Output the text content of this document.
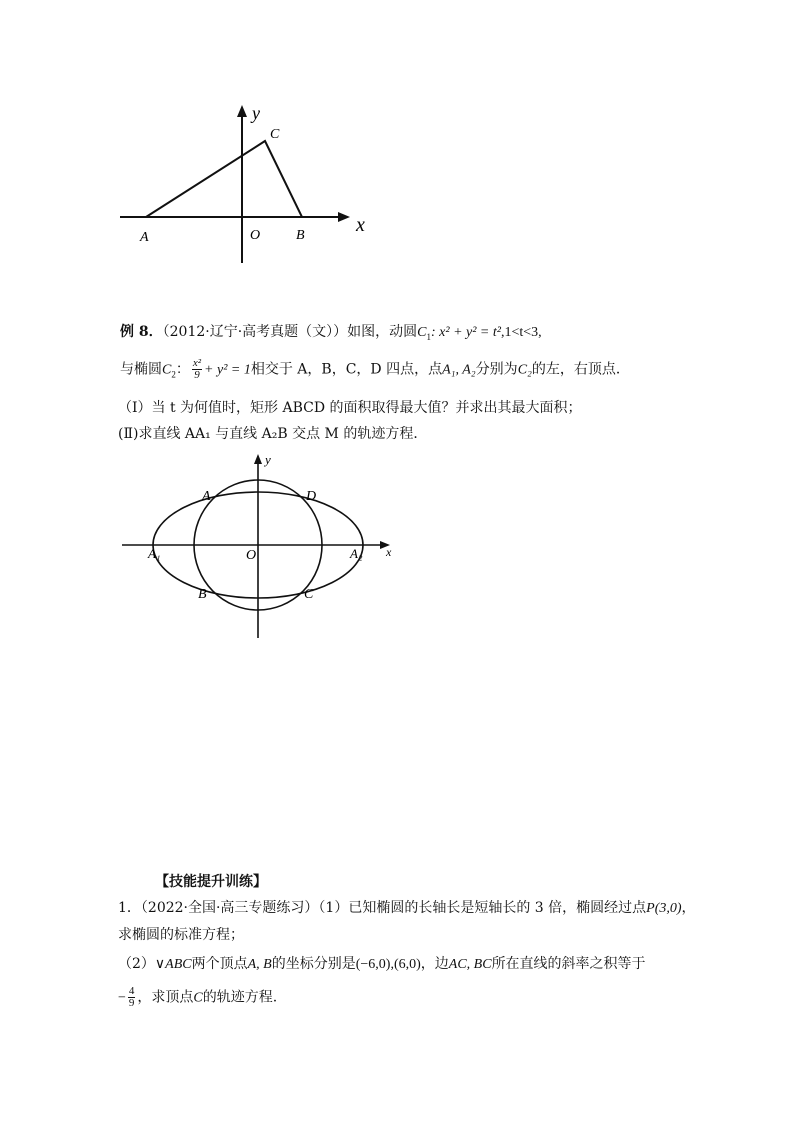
y
x
C
A	O	B
例 8．（2012·辽宁·高考真题（文））如图，动圆$C_1$: x² + y² = t²,1<t<3,
与椭圆$C_2$： $\frac{\text{x²}}{9} + y^2 = 1$相交于 A，B，C，D 四点，点A₁, A₂分别为C₂的左，右顶点．
（Ⅰ）当 t 为何值时，矩形 ABCD 的面积取得最大值？并求出其最大面积；
(Ⅱ)求直线 AA₁ 与直线 A₂B 交点 M 的轨迹方程．
y
x
A	D
O
A₁	A₂
B	C
【技能提升训练】
1．（2022·全国·高三专题练习）（1）已知椭圆的长轴长是短轴长的 3 倍，椭圆经过点P(3,0)，
求椭圆的标准方程；
（2）∨ABC两个顶点A, B的坐标分别是(−6,0),(6,0)，边AC, BC所在直线的斜率之积等于
− $\frac{4}{9}$ ，求顶点C的轨迹方程.
